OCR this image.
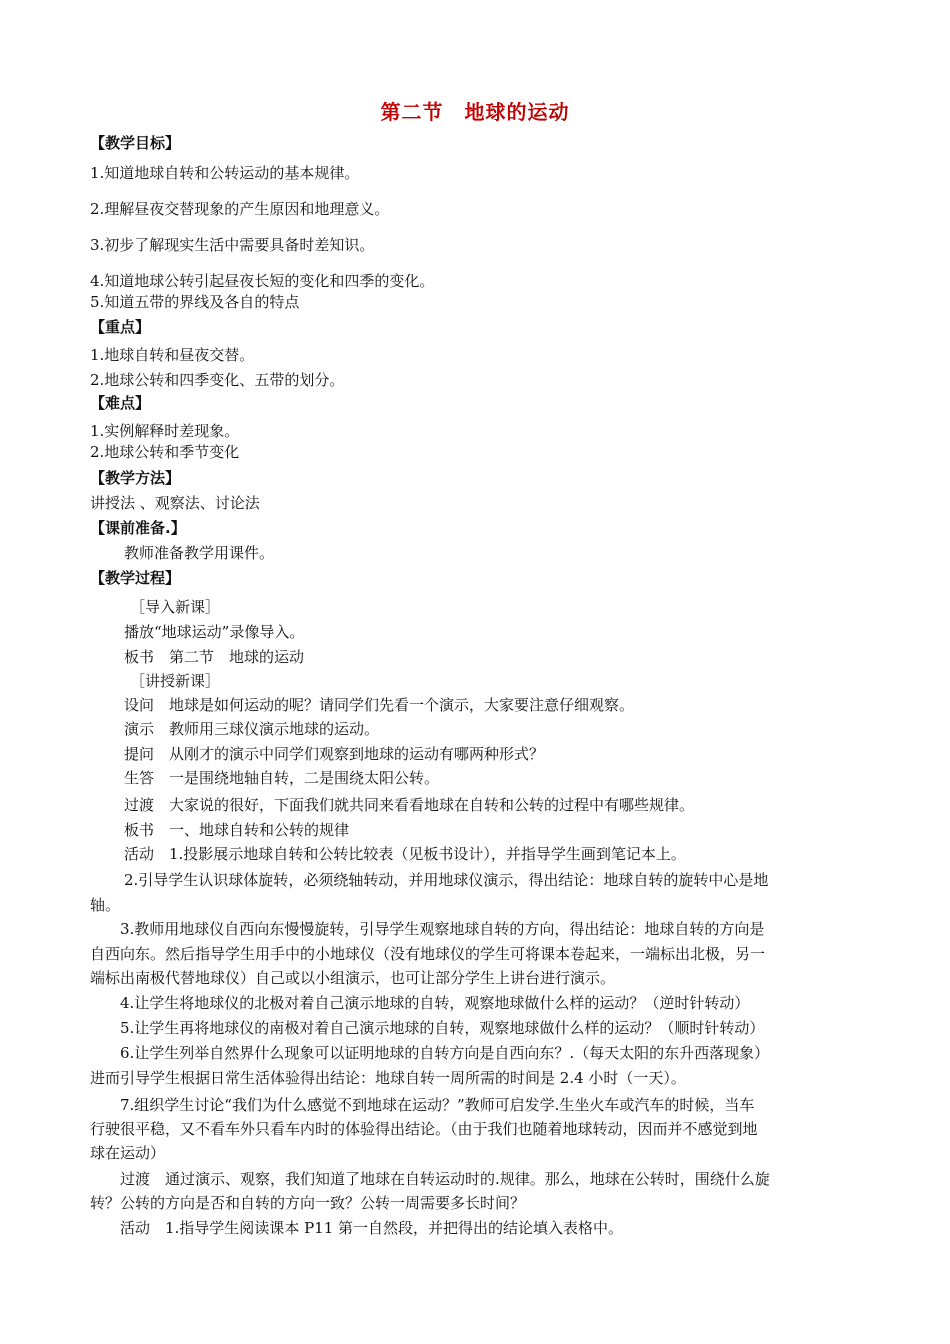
第二节　地球的运动
【教学目标】
1.知道地球自转和公转运动的基本规律。
2.理解昼夜交替现象的产生原因和地理意义。
3.初步了解现实生活中需要具备时差知识。
4.知道地球公转引起昼夜长短的变化和四季的变化。
5.知道五带的界线及各自的特点
【重点】
1.地球自转和昼夜交替。
2.地球公转和四季变化、五带的划分。
【难点】
1.实例解释时差现象。
2.地球公转和季节变化
【教学方法】
讲授法 、观察法、讨论法
【课前准备.】
教师准备教学用课件。
【教学过程】
［导入新课］
播放“地球运动”录像导入。
板书　第二节　地球的运动
［讲授新课］
设问　地球是如何运动的呢？请同学们先看一个演示，大家要注意仔细观察。
演示　教师用三球仪演示地球的运动。
提问　从刚才的演示中同学们观察到地球的运动有哪两种形式？
生答　一是围绕地轴自转，二是围绕太阳公转。
过渡　大家说的很好，下面我们就共同来看看地球在自转和公转的过程中有哪些规律。
板书　一、地球自转和公转的规律
活动　1.投影展示地球自转和公转比较表（见板书设计），并指导学生画到笔记本上。
2.引导学生认识球体旋转，必须绕轴转动，并用地球仪演示，得出结论：地球自转的旋转中心是地
轴。
3.教师用地球仪自西向东慢慢旋转，引导学生观察地球自转的方向，得出结论：地球自转的方向是
自西向东。然后指导学生用手中的小地球仪（没有地球仪的学生可将课本卷起来，一端标出北极，另一
端标出南极代替地球仪）自己或以小组演示，也可让部分学生上讲台进行演示。
4.让学生将地球仪的北极对着自己演示地球的自转，观察地球做什么样的运动？（逆时针转动）
5.让学生再将地球仪的南极对着自己演示地球的自转，观察地球做什么样的运动？（顺时针转动）
6.让学生列举自然界什么现象可以证明地球的自转方向是自西向东？.（每天太阳的东升西落现象）
进而引导学生根据日常生活体验得出结论：地球自转一周所需的时间是 2.4 小时（一天）。
7.组织学生讨论“我们为什么感觉不到地球在运动？”教师可启发学.生坐火车或汽车的时候，当车
行驶很平稳，又不看车外只看车内时的体验得出结论。（由于我们也随着地球转动，因而并不感觉到地
球在运动）
过渡　通过演示、观察，我们知道了地球在自转运动时的.规律。那么，地球在公转时，围绕什么旋
转？公转的方向是否和自转的方向一致？公转一周需要多长时间？
活动　1.指导学生阅读课本 P11 第一自然段，并把得出的结论填入表格中。
